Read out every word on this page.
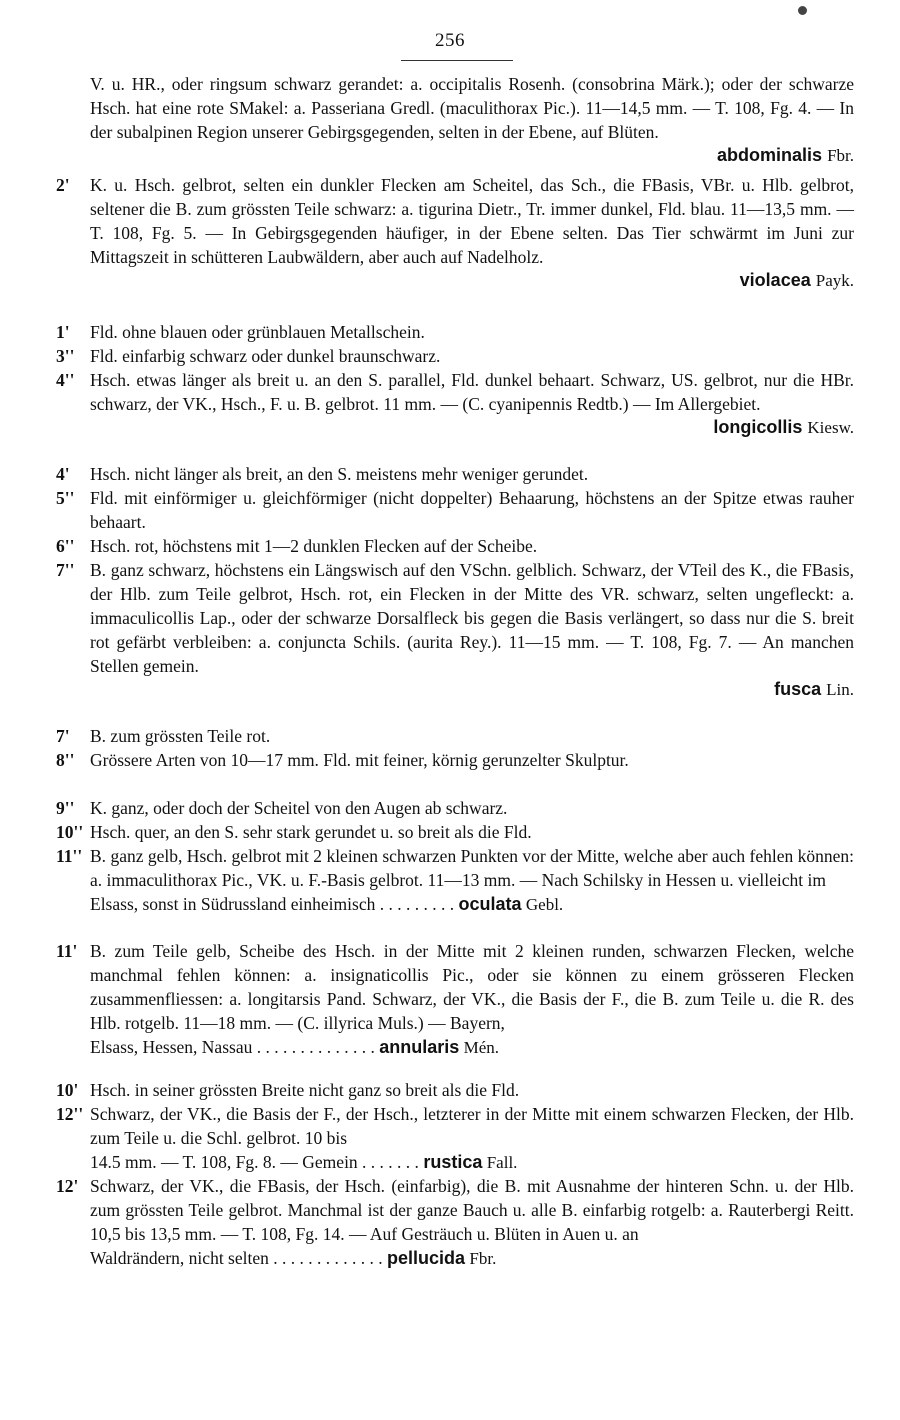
256
V. u. HR., oder ringsum schwarz gerandet: a. occipitalis Rosenh. (consobrina Märk.); oder der schwarze Hsch. hat eine rote SMakel: a. Passeriana Gredl. (maculithorax Pic.). 11—14,5 mm. — T. 108, Fg. 4. — In der subalpinen Region unserer Gebirgsgegenden, selten in der Ebene, auf Blüten.
abdominalis Fbr.
2' K. u. Hsch. gelbrot, selten ein dunkler Flecken am Scheitel, das Sch., die FBasis, VBr. u. Hlb. gelbrot, seltener die B. zum grössten Teile schwarz: a. tigurina Dietr., Tr. immer dunkel, Fld. blau. 11—13,5 mm. — T. 108, Fg. 5. — In Gebirgsgegenden häufiger, in der Ebene selten. Das Tier schwärmt im Juni zur Mittagszeit in schütteren Laubwäldern, aber auch auf Nadelholz.
violacea Payk.
1' Fld. ohne blauen oder grünblauen Metallschein.
3'' Fld. einfarbig schwarz oder dunkel braunschwarz.
4'' Hsch. etwas länger als breit u. an den S. parallel, Fld. dunkel behaart. Schwarz, US. gelbrot, nur die HBr. schwarz, der VK., Hsch., F. u. B. gelbrot. 11 mm. — (C. cyanipennis Redtb.) — Im Allergebiet.
longicollis Kiesw.
4' Hsch. nicht länger als breit, an den S. meistens mehr weniger gerundet.
5'' Fld. mit einförmiger u. gleichförmiger (nicht doppelter) Behaarung, höchstens an der Spitze etwas rauher behaart.
6'' Hsch. rot, höchstens mit 1—2 dunklen Flecken auf der Scheibe.
7'' B. ganz schwarz, höchstens ein Längswisch auf den VSchn. gelblich. Schwarz, der VTeil des K., die FBasis, der Hlb. zum Teile gelbrot, Hsch. rot, ein Flecken in der Mitte des VR. schwarz, selten ungefleckt: a. immaculicollis Lap., oder der schwarze Dorsalfleck bis gegen die Basis verlängert, so dass nur die S. breit rot gefärbt verbleiben: a. conjuncta Schils. (aurita Rey.). 11—15 mm. — T. 108, Fg. 7. — An manchen Stellen gemein.
fusca Lin.
7' B. zum grössten Teile rot.
8'' Grössere Arten von 10—17 mm. Fld. mit feiner, körnig gerunzelter Skulptur.
9'' K. ganz, oder doch der Scheitel von den Augen ab schwarz.
10'' Hsch. quer, an den S. sehr stark gerundet u. so breit als die Fld.
11'' B. ganz gelb, Hsch. gelbrot mit 2 kleinen schwarzen Punkten vor der Mitte, welche aber auch fehlen können: a. immaculithorax Pic., VK. u. F.-Basis gelbrot. 11—13 mm. — Nach Schilsky in Hessen u. vielleicht im
Elsass, sonst in Südrussland einheimisch . . . . . . . . . oculata Gebl.
11' B. zum Teile gelb, Scheibe des Hsch. in der Mitte mit 2 kleinen runden, schwarzen Flecken, welche manchmal fehlen können: a. insignaticollis Pic., oder sie können zu einem grösseren Flecken zusammenfliessen: a. longitarsis Pand. Schwarz, der VK., die Basis der F., die B. zum Teile u. die R. des Hlb. rotgelb. 11—18 mm. — (C. illyrica Muls.) — Bayern,
Elsass, Hessen, Nassau . . . . . . . . . . . . . . annularis Mén.
10' Hsch. in seiner grössten Breite nicht ganz so breit als die Fld.
12'' Schwarz, der VK., die Basis der F., der Hsch., letzterer in der Mitte mit einem schwarzen Flecken, der Hlb. zum Teile u. die Schl. gelbrot. 10 bis
14.5 mm. — T. 108, Fg. 8. — Gemein . . . . . . . rustica Fall.
12' Schwarz, der VK., die FBasis, der Hsch. (einfarbig), die B. mit Ausnahme der hinteren Schn. u. der Hlb. zum grössten Teile gelbrot. Manchmal ist der ganze Bauch u. alle B. einfarbig rotgelb: a. Rauterbergi Reitt. 10,5 bis 13,5 mm. — T. 108, Fg. 14. — Auf Gesträuch u. Blüten in Auen u. an
Waldrändern, nicht selten . . . . . . . . . . . . . pellucida Fbr.
